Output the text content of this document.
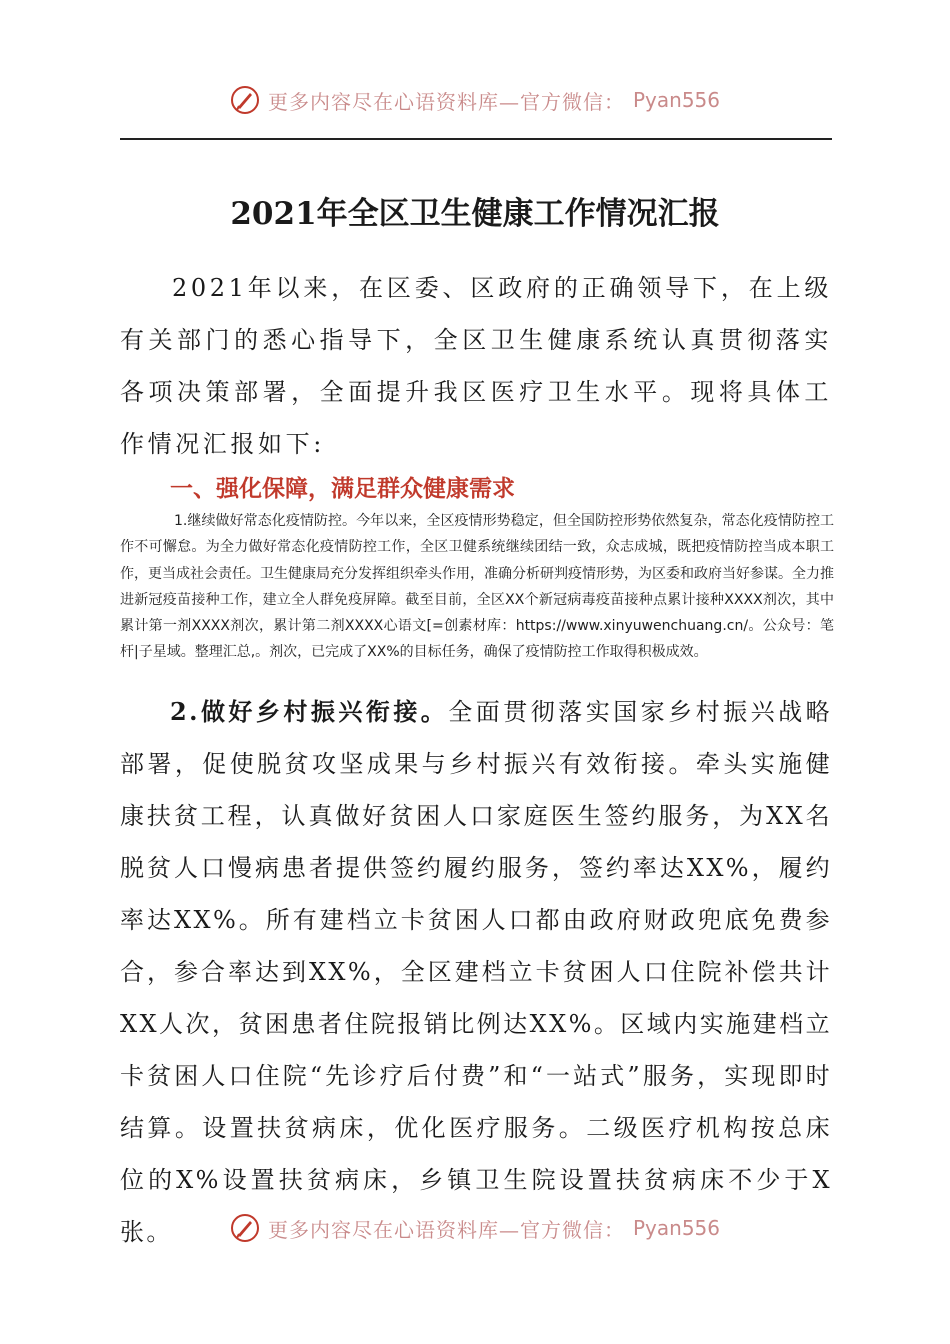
更多内容尽在心语资料库—官方微信： Pyan556
2021年全区卫生健康工作情况汇报

2021年以来，在区委、区政府的正确领导下，在上级有关部门的悉心指导下，全区卫生健康系统认真贯彻落实各项决策部署，全面提升我区医疗卫生水平。现将具体工作情况汇报如下:

一、强化保障，满足群众健康需求

1.继续做好常态化疫情防控。今年以来，全区疫情形势稳定，但全国防控形势依然复杂，常态化疫情防控工作不可懈怠。为全力做好常态化疫情防控工作，全区卫健系统继续团结一致，众志成城，既把疫情防控当成本职工作，更当成社会责任。卫生健康局充分发挥组织牵头作用，准确分析研判疫情形势，为区委和政府当好参谋。全力推进新冠疫苗接种工作，建立全人群免疫屏障。截至目前，全区XX个新冠病毒疫苗接种点累计接种XXXX剂次，其中累计第一剂XXXX剂次，累计第二剂XXXX心语文[=创素材库：https://www.xinyuwenchuang.cn/。公众号：笔杆|子星域。整理汇总,。剂次，已完成了XX%的目标任务，确保了疫情防控工作取得积极成效。

2.做好乡村振兴衔接。全面贯彻落实国家乡村振兴战略部署，促使脱贫攻坚成果与乡村振兴有效衔接。牵头实施健康扶贫工程，认真做好贫困人口家庭医生签约服务，为XX名脱贫人口慢病患者提供签约履约服务，签约率达XX%，履约率达XX%。所有建档立卡贫困人口都由政府财政兜底免费参合，参合率达到XX%，全区建档立卡贫困人口住院补偿共计XX人次，贫困患者住院报销比例达XX%。区域内实施建档立卡贫困人口住院“先诊疗后付费”和“一站式”服务，实现即时结算。设置扶贫病床，优化医疗服务。二级医疗机构按总床位的X%设置扶贫病床，乡镇卫生院设置扶贫病床不少于X张。	更多内容尽在心语资料库—官方微信： Pyan556
